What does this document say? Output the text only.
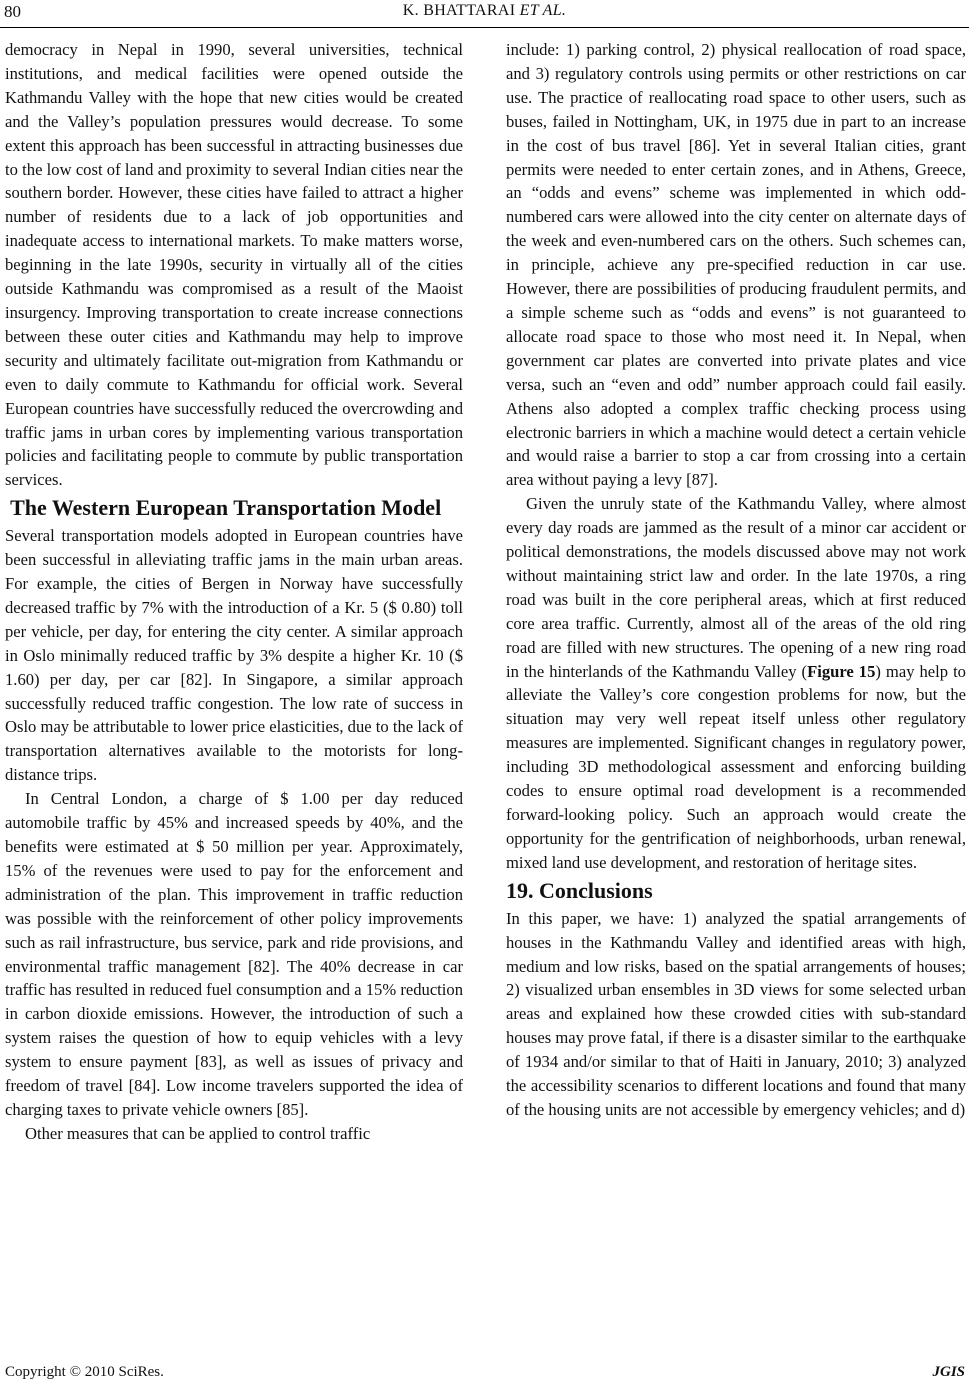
80	K. BHATTARAI ET AL.

democracy in Nepal in 1990, several universities, technical institutions, and medical facilities were opened outside the Kathmandu Valley with the hope that new cities would be created and the Valley’s population pressures would decrease. To some extent this approach has been successful in attracting businesses due to the low cost of land and proximity to several Indian cities near the southern border. However, these cities have failed to attract a higher number of residents due to a lack of job opportunities and inadequate access to international markets. To make matters worse, beginning in the late 1990s, security in virtually all of the cities outside Kathmandu was compromised as a result of the Maoist insurgency. Improving transportation to create increase connections between these outer cities and Kathmandu may help to improve security and ultimately facilitate out-migration from Kathmandu or even to daily commute to Kathmandu for official work. Several European countries have successfully reduced the overcrowding and traffic jams in urban cores by implementing various transportation policies and facilitating people to commute by public transportation services.

The Western European Transportation Model

Several transportation models adopted in European countries have been successful in alleviating traffic jams in the main urban areas. For example, the cities of Bergen in Norway have successfully decreased traffic by 7% with the introduction of a Kr. 5 ($ 0.80) toll per vehicle, per day, for entering the city center. A similar approach in Oslo minimally reduced traffic by 3% despite a higher Kr. 10 ($ 1.60) per day, per car [82]. In Singapore, a similar approach successfully reduced traffic congestion. The low rate of success in Oslo may be attributable to lower price elasticities, due to the lack of transportation alternatives available to the motorists for long-distance trips.

In Central London, a charge of $ 1.00 per day reduced automobile traffic by 45% and increased speeds by 40%, and the benefits were estimated at $ 50 million per year. Approximately, 15% of the revenues were used to pay for the enforcement and administration of the plan. This improvement in traffic reduction was possible with the reinforcement of other policy improvements such as rail infrastructure, bus service, park and ride provisions, and environmental traffic management [82]. The 40% decrease in car traffic has resulted in reduced fuel consumption and a 15% reduction in carbon dioxide emissions. However, the introduction of such a system raises the question of how to equip vehicles with a levy system to ensure payment [83], as well as issues of privacy and freedom of travel [84]. Low income travelers supported the idea of charging taxes to private vehicle owners [85].

Other measures that can be applied to control traffic

include: 1) parking control, 2) physical reallocation of road space, and 3) regulatory controls using permits or other restrictions on car use. The practice of reallocating road space to other users, such as buses, failed in Nottingham, UK, in 1975 due in part to an increase in the cost of bus travel [86]. Yet in several Italian cities, grant permits were needed to enter certain zones, and in Athens, Greece, an “odds and evens” scheme was implemented in which odd-numbered cars were allowed into the city center on alternate days of the week and even-numbered cars on the others. Such schemes can, in principle, achieve any pre-specified reduction in car use. However, there are possibilities of producing fraudulent permits, and a simple scheme such as “odds and evens” is not guaranteed to allocate road space to those who most need it. In Nepal, when government car plates are converted into private plates and vice versa, such an “even and odd” number approach could fail easily. Athens also adopted a complex traffic checking process using electronic barriers in which a machine would detect a certain vehicle and would raise a barrier to stop a car from crossing into a certain area without paying a levy [87].

Given the unruly state of the Kathmandu Valley, where almost every day roads are jammed as the result of a minor car accident or political demonstrations, the models discussed above may not work without maintaining strict law and order. In the late 1970s, a ring road was built in the core peripheral areas, which at first reduced core area traffic. Currently, almost all of the areas of the old ring road are filled with new structures. The opening of a new ring road in the hinterlands of the Kathmandu Valley (Figure 15) may help to alleviate the Valley’s core congestion problems for now, but the situation may very well repeat itself unless other regulatory measures are implemented. Significant changes in regulatory power, including 3D methodological assessment and enforcing building codes to ensure optimal road development is a recommended forward-looking policy. Such an approach would create the opportunity for the gentrification of neighborhoods, urban renewal, mixed land use development, and restoration of heritage sites.

19. Conclusions

In this paper, we have: 1) analyzed the spatial arrangements of houses in the Kathmandu Valley and identified areas with high, medium and low risks, based on the spatial arrangements of houses; 2) visualized urban ensembles in 3D views for some selected urban areas and explained how these crowded cities with sub-standard houses may prove fatal, if there is a disaster similar to the earthquake of 1934 and/or similar to that of Haiti in January, 2010; 3) analyzed the accessibility scenarios to different locations and found that many of the housing units are not accessible by emergency vehicles; and d)

Copyright © 2010 SciRes.	JGIS
